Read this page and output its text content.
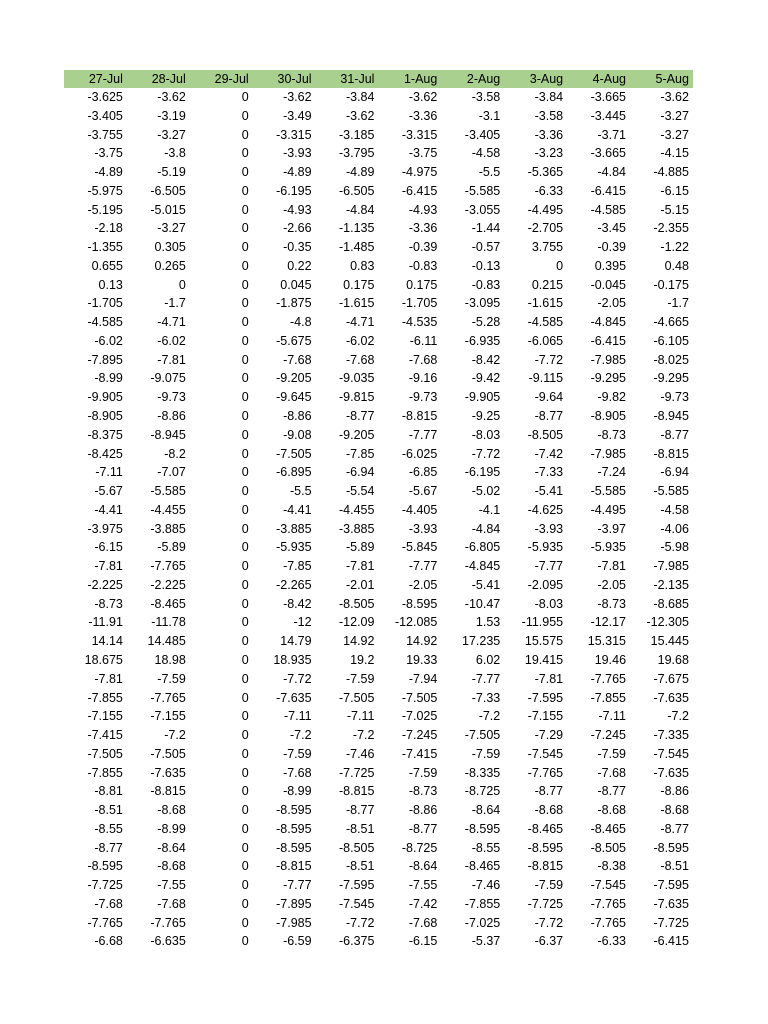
27-Jul	28-Jul	29-Jul	30-Jul	31-Jul	1-Aug	2-Aug	3-Aug	4-Aug	5-Aug
-3.625	-3.62	0	-3.62	-3.84	-3.62	-3.58	-3.84	-3.665	-3.62
-3.405	-3.19	0	-3.49	-3.62	-3.36	-3.1	-3.58	-3.445	-3.27
-3.755	-3.27	0	-3.315	-3.185	-3.315	-3.405	-3.36	-3.71	-3.27
-3.75	-3.8	0	-3.93	-3.795	-3.75	-4.58	-3.23	-3.665	-4.15
-4.89	-5.19	0	-4.89	-4.89	-4.975	-5.5	-5.365	-4.84	-4.885
-5.975	-6.505	0	-6.195	-6.505	-6.415	-5.585	-6.33	-6.415	-6.15
-5.195	-5.015	0	-4.93	-4.84	-4.93	-3.055	-4.495	-4.585	-5.15
-2.18	-3.27	0	-2.66	-1.135	-3.36	-1.44	-2.705	-3.45	-2.355
-1.355	0.305	0	-0.35	-1.485	-0.39	-0.57	3.755	-0.39	-1.22
0.655	0.265	0	0.22	0.83	-0.83	-0.13	0	0.395	0.48
0.13	0	0	0.045	0.175	0.175	-0.83	0.215	-0.045	-0.175
-1.705	-1.7	0	-1.875	-1.615	-1.705	-3.095	-1.615	-2.05	-1.7
-4.585	-4.71	0	-4.8	-4.71	-4.535	-5.28	-4.585	-4.845	-4.665
-6.02	-6.02	0	-5.675	-6.02	-6.11	-6.935	-6.065	-6.415	-6.105
-7.895	-7.81	0	-7.68	-7.68	-7.68	-8.42	-7.72	-7.985	-8.025
-8.99	-9.075	0	-9.205	-9.035	-9.16	-9.42	-9.115	-9.295	-9.295
-9.905	-9.73	0	-9.645	-9.815	-9.73	-9.905	-9.64	-9.82	-9.73
-8.905	-8.86	0	-8.86	-8.77	-8.815	-9.25	-8.77	-8.905	-8.945
-8.375	-8.945	0	-9.08	-9.205	-7.77	-8.03	-8.505	-8.73	-8.77
-8.425	-8.2	0	-7.505	-7.85	-6.025	-7.72	-7.42	-7.985	-8.815
-7.11	-7.07	0	-6.895	-6.94	-6.85	-6.195	-7.33	-7.24	-6.94
-5.67	-5.585	0	-5.5	-5.54	-5.67	-5.02	-5.41	-5.585	-5.585
-4.41	-4.455	0	-4.41	-4.455	-4.405	-4.1	-4.625	-4.495	-4.58
-3.975	-3.885	0	-3.885	-3.885	-3.93	-4.84	-3.93	-3.97	-4.06
-6.15	-5.89	0	-5.935	-5.89	-5.845	-6.805	-5.935	-5.935	-5.98
-7.81	-7.765	0	-7.85	-7.81	-7.77	-4.845	-7.77	-7.81	-7.985
-2.225	-2.225	0	-2.265	-2.01	-2.05	-5.41	-2.095	-2.05	-2.135
-8.73	-8.465	0	-8.42	-8.505	-8.595	-10.47	-8.03	-8.73	-8.685
-11.91	-11.78	0	-12	-12.09	-12.085	1.53	-11.955	-12.17	-12.305
14.14	14.485	0	14.79	14.92	14.92	17.235	15.575	15.315	15.445
18.675	18.98	0	18.935	19.2	19.33	6.02	19.415	19.46	19.68
-7.81	-7.59	0	-7.72	-7.59	-7.94	-7.77	-7.81	-7.765	-7.675
-7.855	-7.765	0	-7.635	-7.505	-7.505	-7.33	-7.595	-7.855	-7.635
-7.155	-7.155	0	-7.11	-7.11	-7.025	-7.2	-7.155	-7.11	-7.2
-7.415	-7.2	0	-7.2	-7.2	-7.245	-7.505	-7.29	-7.245	-7.335
-7.505	-7.505	0	-7.59	-7.46	-7.415	-7.59	-7.545	-7.59	-7.545
-7.855	-7.635	0	-7.68	-7.725	-7.59	-8.335	-7.765	-7.68	-7.635
-8.81	-8.815	0	-8.99	-8.815	-8.73	-8.725	-8.77	-8.77	-8.86
-8.51	-8.68	0	-8.595	-8.77	-8.86	-8.64	-8.68	-8.68	-8.68
-8.55	-8.99	0	-8.595	-8.51	-8.77	-8.595	-8.465	-8.465	-8.77
-8.77	-8.64	0	-8.595	-8.505	-8.725	-8.55	-8.595	-8.505	-8.595
-8.595	-8.68	0	-8.815	-8.51	-8.64	-8.465	-8.815	-8.38	-8.51
-7.725	-7.55	0	-7.77	-7.595	-7.55	-7.46	-7.59	-7.545	-7.595
-7.68	-7.68	0	-7.895	-7.545	-7.42	-7.855	-7.725	-7.765	-7.635
-7.765	-7.765	0	-7.985	-7.72	-7.68	-7.025	-7.72	-7.765	-7.725
-6.68	-6.635	0	-6.59	-6.375	-6.15	-5.37	-6.37	-6.33	-6.415
